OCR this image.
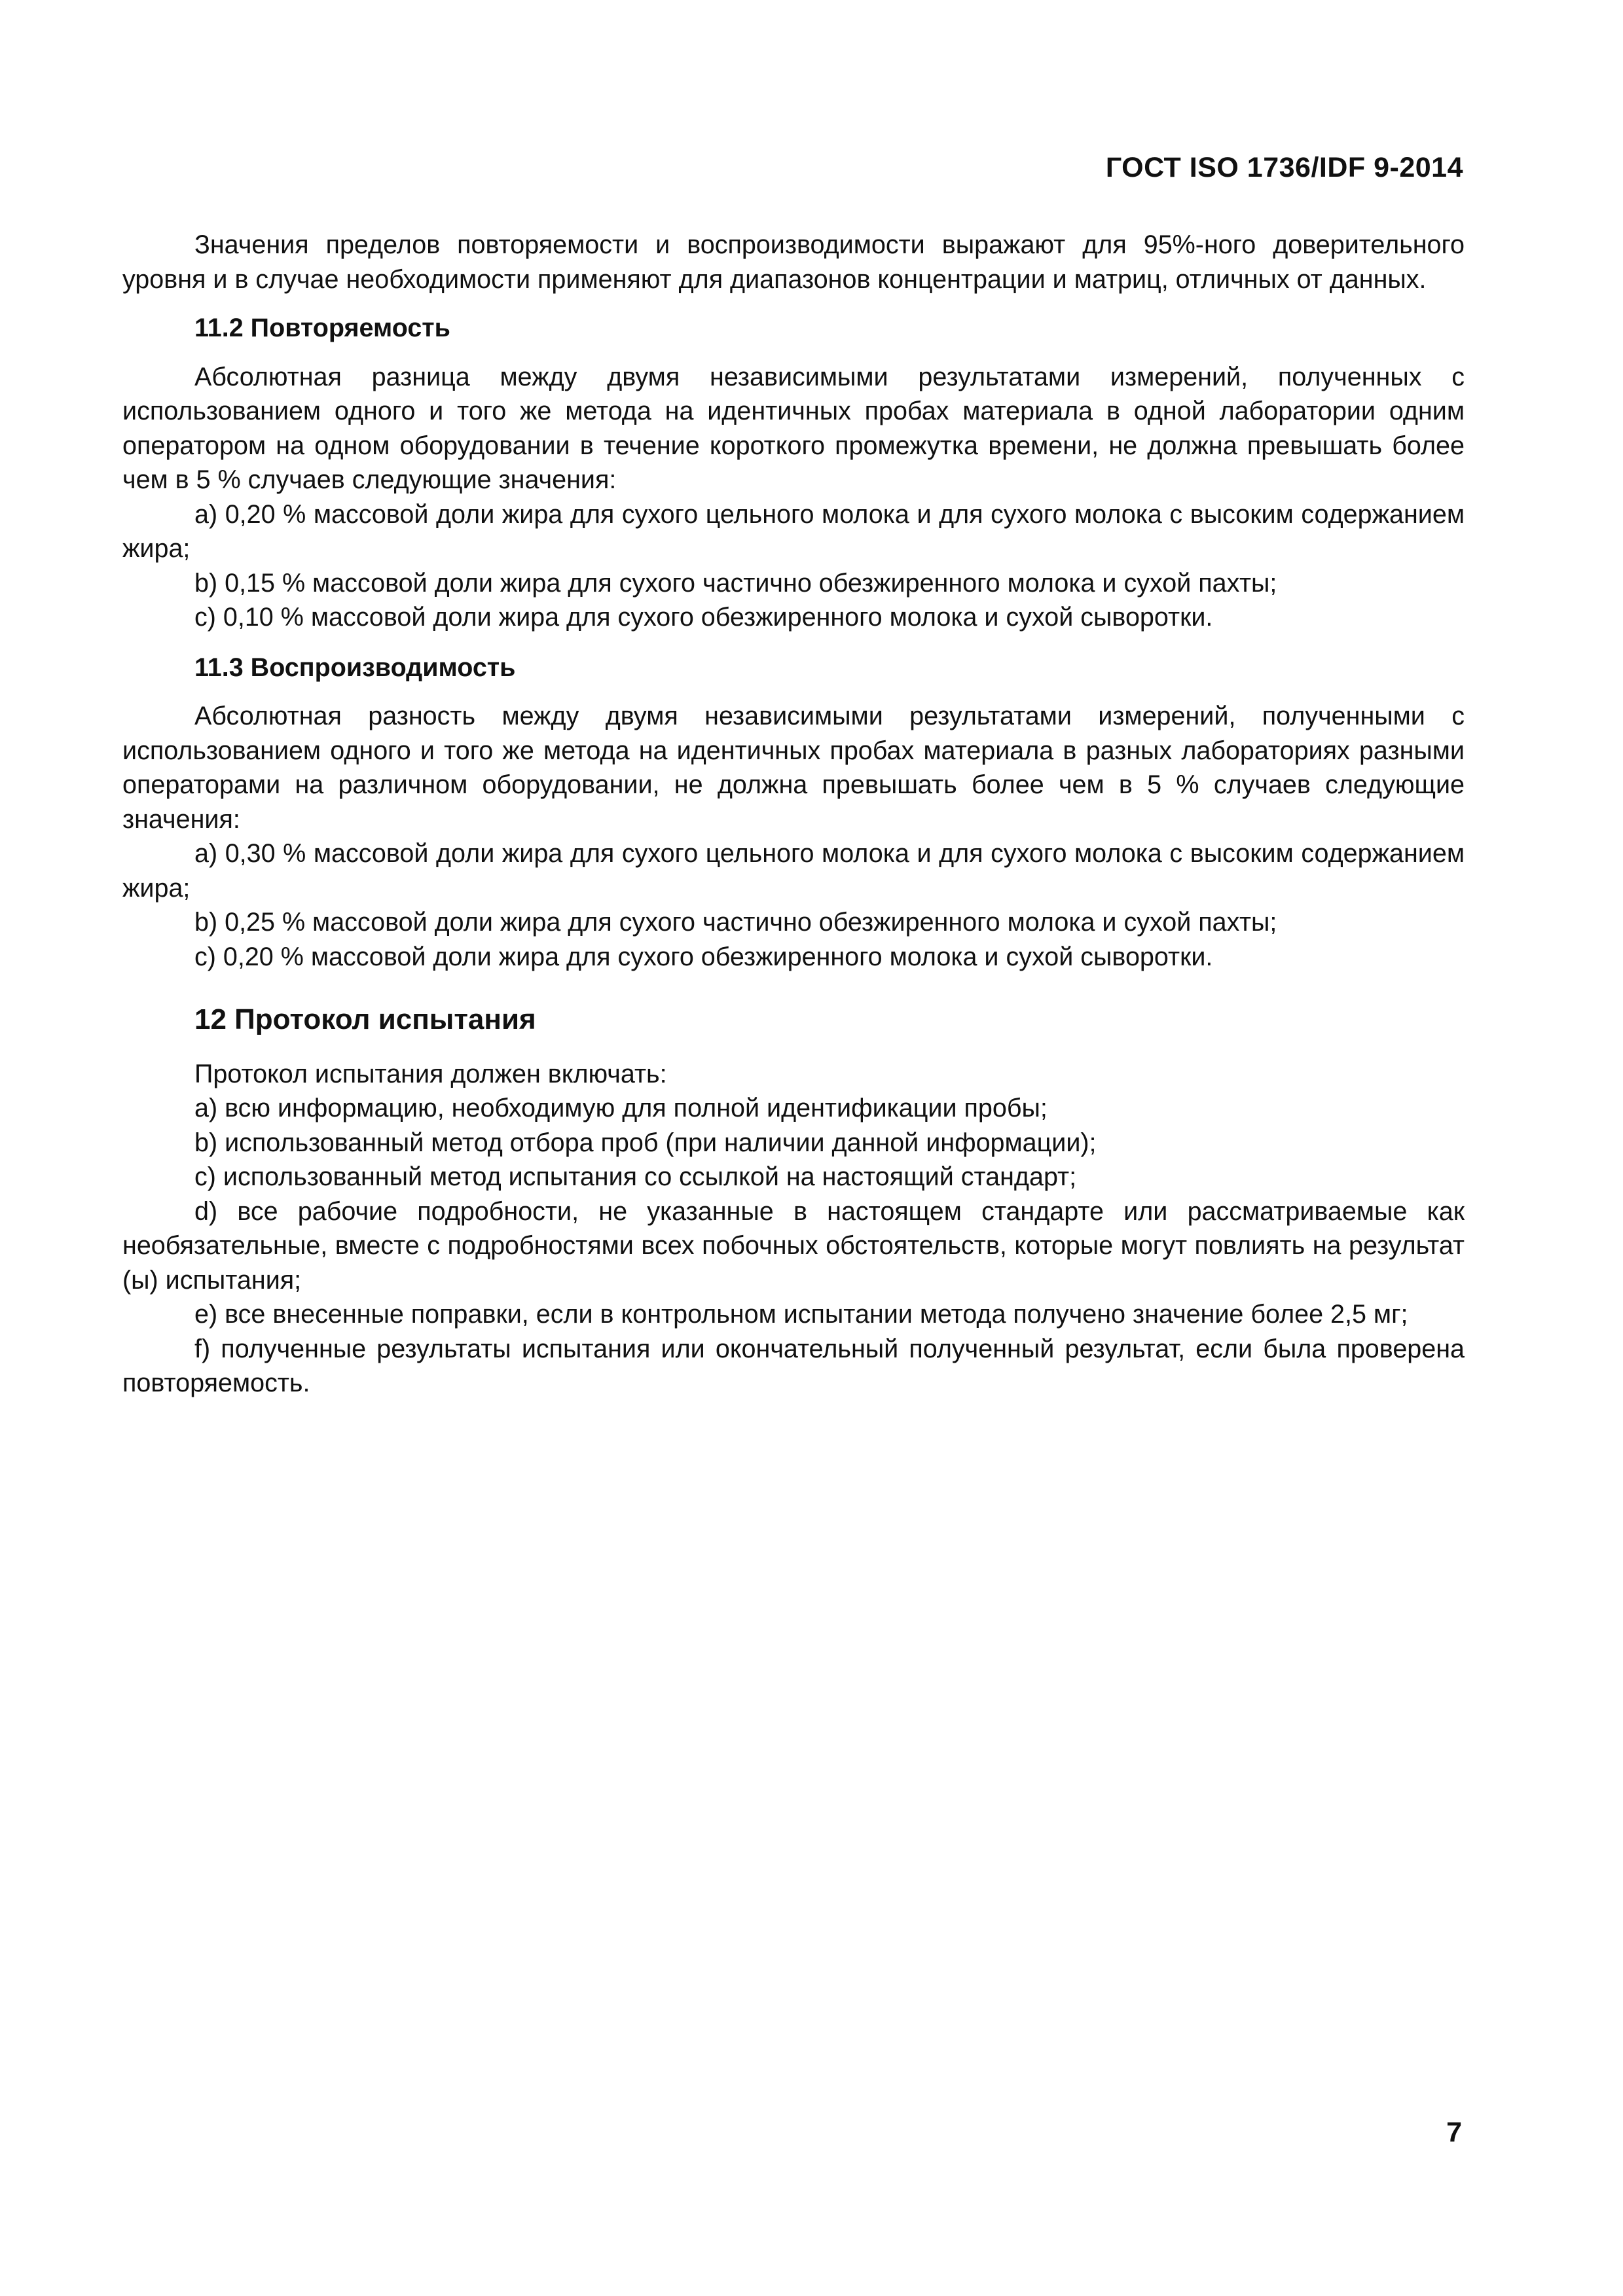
ГОСТ ISO 1736/IDF 9-2014

Значения пределов повторяемости и воспроизводимости выражают для 95%-ного доверительного уровня и в случае необходимости применяют для диапазонов концентрации и матриц, отличных от данных.

11.2 Повторяемость

Абсолютная разница между двумя независимыми результатами измерений, полученных с использованием одного и того же метода на идентичных пробах материала в одной лаборатории одним оператором на одном оборудовании в течение короткого промежутка времени, не должна превышать более чем в 5 % случаев следующие значения:

а) 0,20 % массовой доли жира для сухого цельного молока и для сухого молока с высоким содержанием жира;

b) 0,15 % массовой доли жира для сухого частично обезжиренного молока и сухой пахты;

с) 0,10 % массовой доли жира для сухого обезжиренного молока и сухой сыворотки.

11.3 Воспроизводимость

Абсолютная разность между двумя независимыми результатами измерений, полученными с использованием одного и того же метода на идентичных пробах материала в разных лабораториях разными операторами на различном оборудовании, не должна превышать более чем в 5 % случаев следующие значения:

а) 0,30 % массовой доли жира для сухого цельного молока и для сухого молока с высоким содержанием жира;

b) 0,25 % массовой доли жира для сухого частично обезжиренного молока и сухой пахты;

с) 0,20 % массовой доли жира для сухого обезжиренного молока и сухой сыворотки.

12 Протокол испытания

Протокол испытания должен включать:

а) всю информацию, необходимую для полной идентификации пробы;

b) использованный метод отбора проб (при наличии данной информации);

с) использованный метод испытания со ссылкой на настоящий стандарт;

d) все рабочие подробности, не указанные в настоящем стандарте или рассматриваемые как необязательные, вместе с подробностями всех побочных обстоятельств, которые могут повлиять на результат (ы) испытания;

е) все внесенные поправки, если в контрольном испытании метода получено значение более 2,5 мг;

f) полученные результаты испытания или окончательный полученный результат, если была проверена повторяемость.

7
